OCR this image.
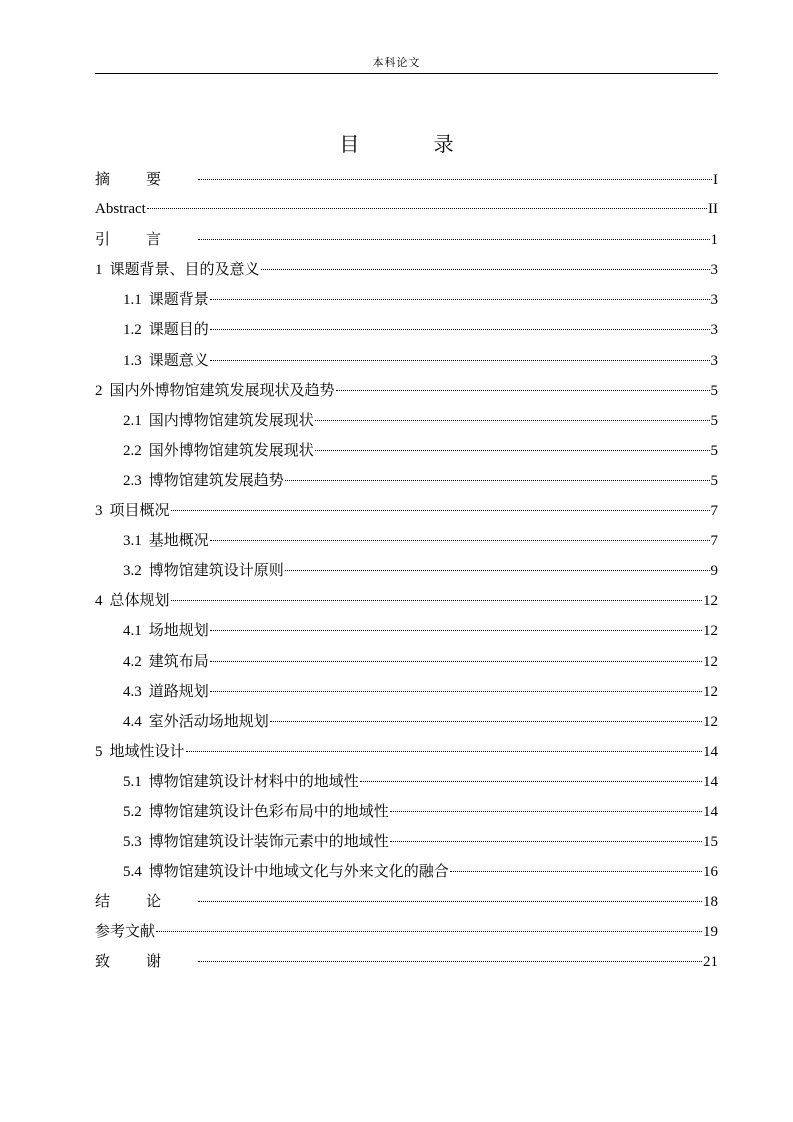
本科论文
目 录
摘要	I
Abstract	II
引言	1
1 课题背景、目的及意义	3
1.1 课题背景	3
1.2 课题目的	3
1.3 课题意义	3
2 国内外博物馆建筑发展现状及趋势	5
2.1 国内博物馆建筑发展现状	5
2.2 国外博物馆建筑发展现状	5
2.3 博物馆建筑发展趋势	5
3 项目概况	7
3.1 基地概况	7
3.2 博物馆建筑设计原则	9
4 总体规划	12
4.1 场地规划	12
4.2 建筑布局	12
4.3 道路规划	12
4.4 室外活动场地规划	12
5 地域性设计	14
5.1 博物馆建筑设计材料中的地域性	14
5.2 博物馆建筑设计色彩布局中的地域性	14
5.3 博物馆建筑设计装饰元素中的地域性	15
5.4 博物馆建筑设计中地域文化与外来文化的融合	16
结论	18
参考文献	19
致谢	21
